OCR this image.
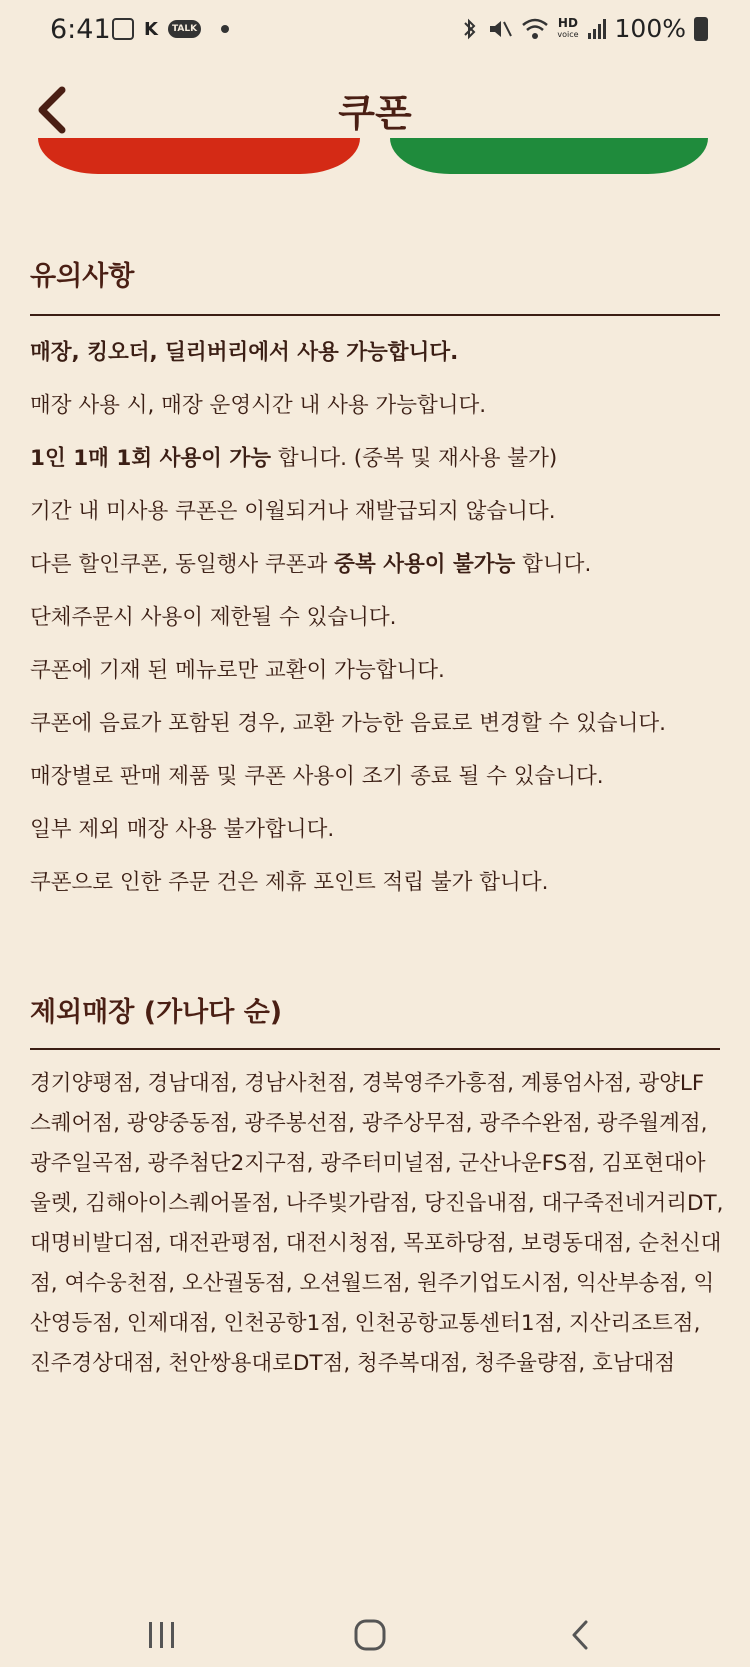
6:41 K	TALK	HD
voice 100%
쿠폰
유의사항
매장, 킹오더, 딜리버리에서 사용 가능합니다.
매장 사용 시, 매장 운영시간 내 사용 가능합니다.
1인 1매 1회 사용이 가능 합니다. (중복 및 재사용 불가)
기간 내 미사용 쿠폰은 이월되거나 재발급되지 않습니다.
다른 할인쿠폰, 동일행사 쿠폰과 중복 사용이 불가능 합니다.
단체주문시 사용이 제한될 수 있습니다.
쿠폰에 기재 된 메뉴로만 교환이 가능합니다.
쿠폰에 음료가 포함된 경우, 교환 가능한 음료로 변경할 수 있습니다.
매장별로 판매 제품 및 쿠폰 사용이 조기 종료 될 수 있습니다.
일부 제외 매장 사용 불가합니다.
쿠폰으로 인한 주문 건은 제휴 포인트 적립 불가 합니다.
제외매장 (가나다 순)
경기양평점, 경남대점, 경남사천점, 경북영주가흥점, 계룡엄사점, 광양LF스퀘어점, 광양중동점, 광주봉선점, 광주상무점, 광주수완점, 광주월계점, 광주일곡점, 광주첨단2지구점, 광주터미널점, 군산나운FS점, 김포현대아울렛, 김해아이스퀘어몰점, 나주빛가람점, 당진읍내점, 대구죽전네거리DT, 대명비발디점, 대전관평점, 대전시청점, 목포하당점, 보령동대점, 순천신대점, 여수웅천점, 오산궐동점, 오션월드점, 원주기업도시점, 익산부송점, 익산영등점, 인제대점, 인천공항1점, 인천공항교통센터1점, 지산리조트점, 진주경상대점, 천안쌍용대로DT점, 청주복대점, 청주율량점, 호남대점
